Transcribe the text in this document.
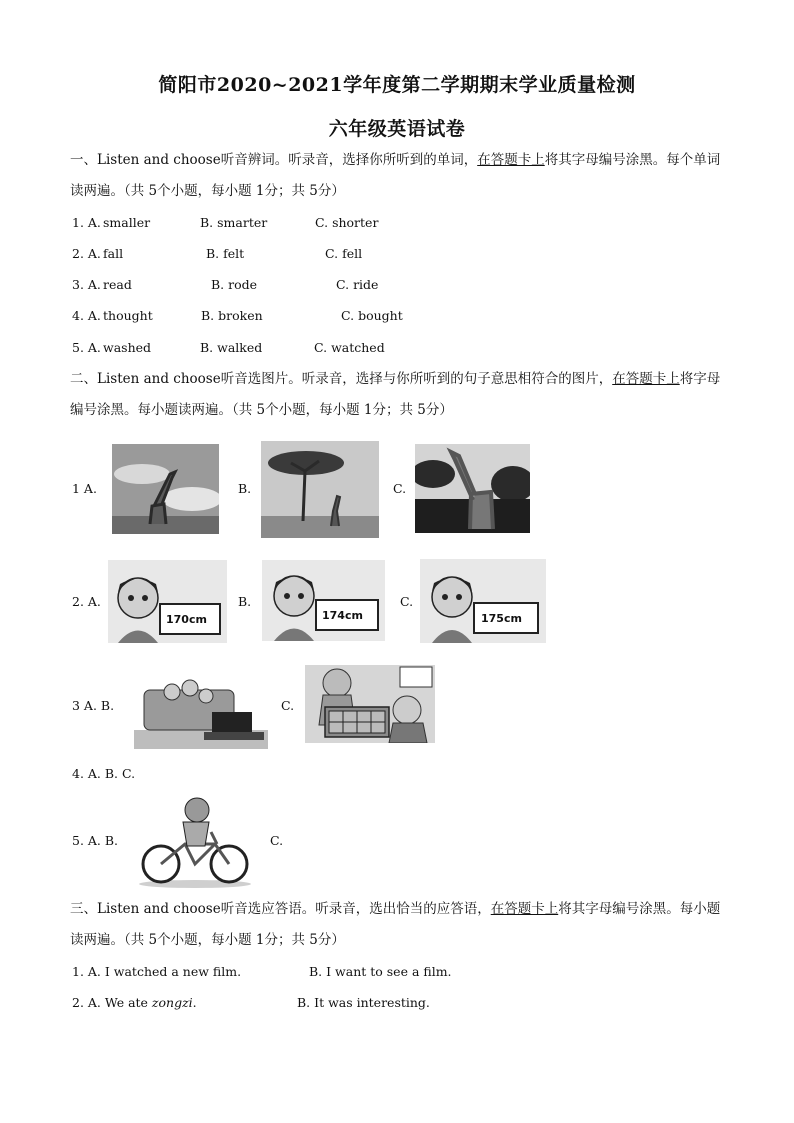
简阳市2020~2021学年度第二学期期末学业质量检测
六年级英语试卷
一、Listen and choose听音辨词。听录音，选择你所听到的单词，在答题卡上将其字母编号涂黑。每个单词读两遍。（共 5个小题，每小题 1分；共 5分）
1. A. smaller	B. smarter	C. shorter
2. A. fall	B. felt	C. fell
3. A. read	B. rode	C. ride
4. A. thought	B. broken	C. bought
5. A. washed	B. walked	C. watched
二、Listen and choose听音选图片。听录音，选择与你所听到的句子意思相符合的图片，在答题卡上将字母编号涂黑。每小题读两遍。（共 5个小题，每小题 1分；共 5分）
1 A.	B.	C.
2. A.
170cm
B.
174cm
C.
175cm
3 A. B.	C.
4. A. B. C.
5. A. B.	C.
三、Listen and choose听音选应答语。听录音，选出恰当的应答语，在答题卡上将其字母编号涂黑。每小题读两遍。（共 5个小题，每小题 1分；共 5分）
1. A. I watched a new film.	B. I want to see a film.
2. A. We ate zongzi.	B. It was interesting.
